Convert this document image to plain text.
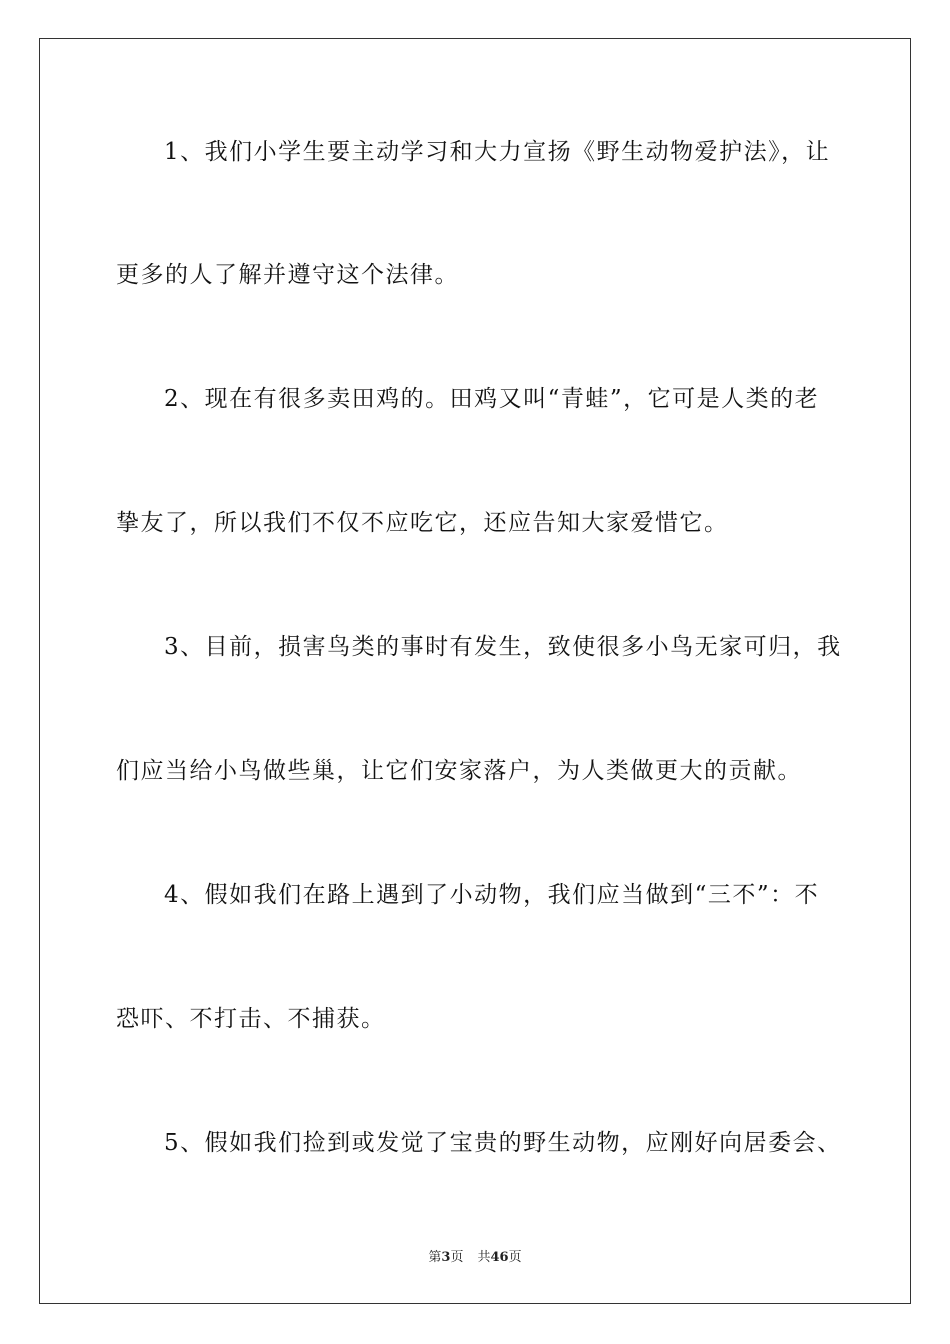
1、我们小学生要主动学习和大力宣扬《野生动物爱护法》，让
更多的人了解并遵守这个法律。
2、现在有很多卖田鸡的。田鸡又叫“青蛙”，它可是人类的老
挚友了，所以我们不仅不应吃它，还应告知大家爱惜它。
3、目前，损害鸟类的事时有发生，致使很多小鸟无家可归，我
们应当给小鸟做些巢，让它们安家落户，为人类做更大的贡献。
4、假如我们在路上遇到了小动物，我们应当做到“三不”：不
恐吓、不打击、不捕获。
5、假如我们捡到或发觉了宝贵的野生动物，应刚好向居委会、
第3页 共46页
